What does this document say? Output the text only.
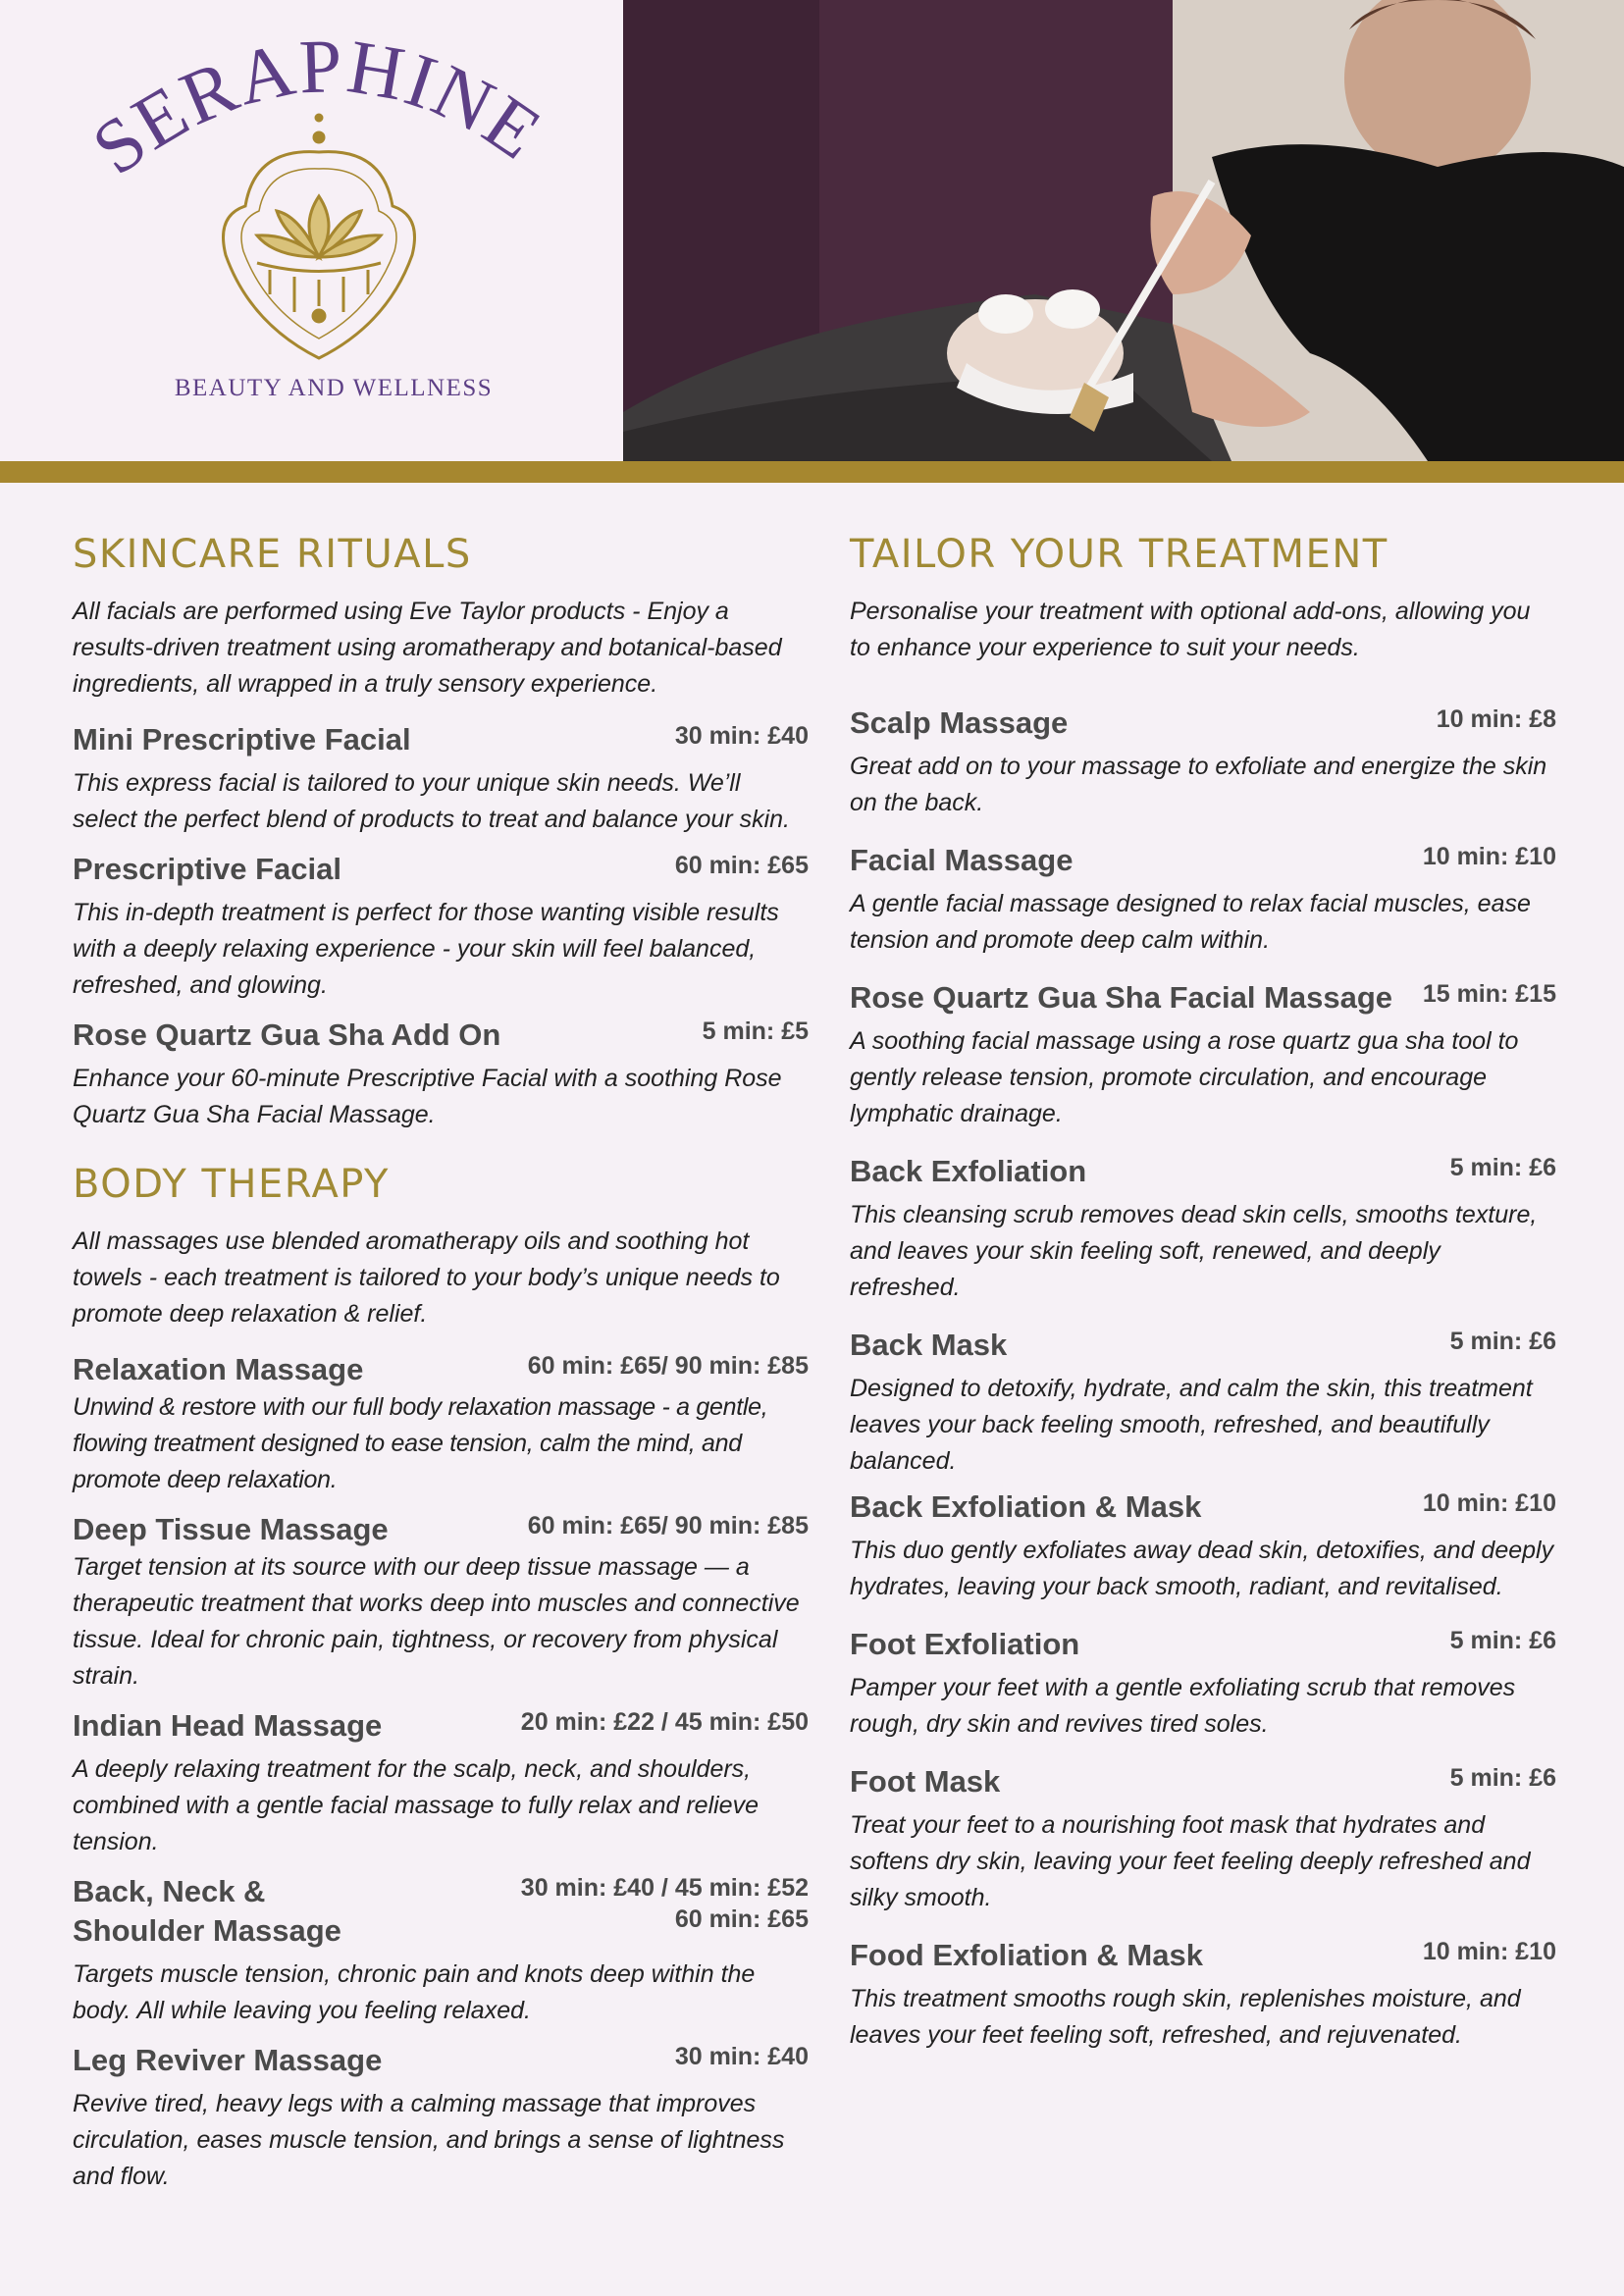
SERAPHINE
BEAUTY AND WELLNESS
SKINCARE RITUALS

All facials are performed using Eve Taylor products - Enjoy a results-driven treatment using aromatherapy and botanical-based ingredients, all wrapped in a truly sensory experience.

Mini Prescriptive Facial	30 min: £40
This express facial is tailored to your unique skin needs. We’ll select the perfect blend of products to treat and balance your skin.
Prescriptive Facial	60 min: £65
This in-depth treatment is perfect for those wanting visible results with a deeply relaxing experience - your skin will feel balanced, refreshed, and glowing.
Rose Quartz Gua Sha Add On	5 min: £5
Enhance your 60-minute Prescriptive Facial with a soothing Rose Quartz Gua Sha Facial Massage.
BODY THERAPY

All massages use blended aromatherapy oils and soothing hot towels - each treatment is tailored to your body’s unique needs to promote deep relaxation & relief.

Relaxation Massage	60 min: £65/ 90 min: £85
Unwind & restore with our full body relaxation massage - a gentle, flowing treatment designed to ease tension, calm the mind, and promote deep relaxation.
Deep Tissue Massage	60 min: £65/ 90 min: £85
Target tension at its source with our deep tissue massage — a therapeutic treatment that works deep into muscles and connective tissue. Ideal for chronic pain, tightness, or recovery from physical strain.
Indian Head Massage	20 min: £22 / 45 min: £50
A deeply relaxing treatment for the scalp, neck, and shoulders, combined with a gentle facial massage to fully relax and relieve tension.
Back, Neck & Shoulder Massage
30 min: £40 / 45 min: £52
60 min: £65
Targets muscle tension, chronic pain and knots deep within the body. All while leaving you feeling relaxed.
Leg Reviver Massage	30 min: £40
Revive tired, heavy legs with a calming massage that improves circulation, eases muscle tension, and brings a sense of lightness and flow.
TAILOR YOUR TREATMENT

Personalise your treatment with optional add-ons, allowing you to enhance your experience to suit your needs.

Scalp Massage	10 min: £8
Great add on to your massage to exfoliate and energize the skin on the back.
Facial Massage	10 min: £10
A gentle facial massage designed to relax facial muscles, ease tension and promote deep calm within.
Rose Quartz Gua Sha Facial Massage 15 min: £15
A soothing facial massage using a rose quartz gua sha tool to gently release tension, promote circulation, and encourage lymphatic drainage.
Back Exfoliation	5 min: £6
This cleansing scrub removes dead skin cells, smooths texture, and leaves your skin feeling soft, renewed, and deeply refreshed.
Back Mask	5 min: £6
Designed to detoxify, hydrate, and calm the skin, this treatment leaves your back feeling smooth, refreshed, and beautifully balanced.
Back Exfoliation & Mask	10 min: £10
This duo gently exfoliates away dead skin, detoxifies, and deeply hydrates, leaving your back smooth, radiant, and revitalised.
Foot Exfoliation	5 min: £6
Pamper your feet with a gentle exfoliating scrub that removes rough, dry skin and revives tired soles.
Foot Mask	5 min: £6
Treat your feet to a nourishing foot mask that hydrates and softens dry skin, leaving your feet feeling deeply refreshed and silky smooth.
Food Exfoliation & Mask	10 min: £10
This treatment smooths rough skin, replenishes moisture, and leaves your feet feeling soft, refreshed, and rejuvenated.
